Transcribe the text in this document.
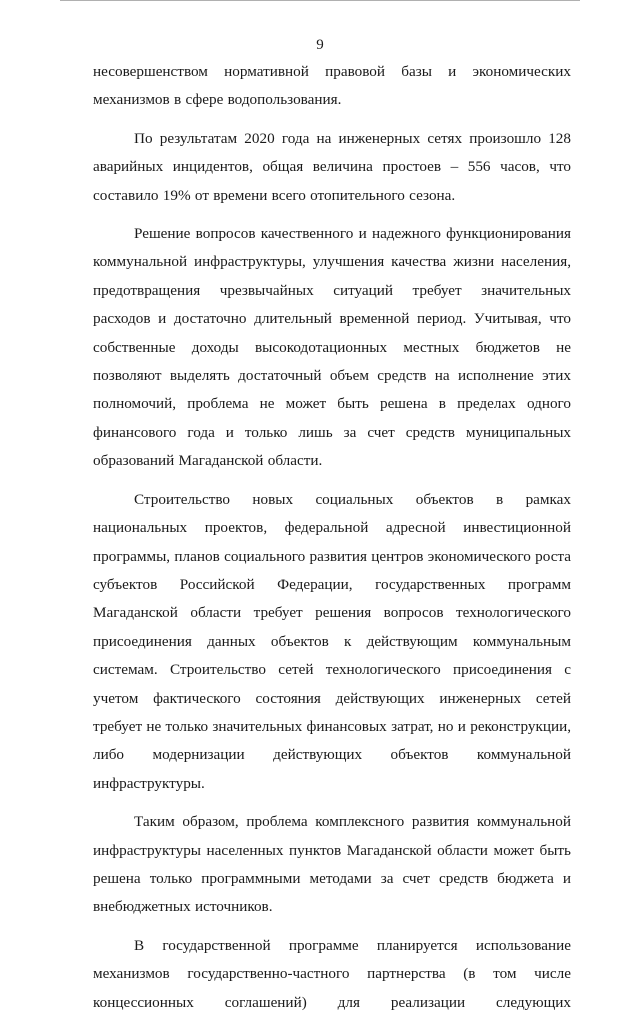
9

несовершенством нормативной правовой базы и экономических механизмов в сфере водопользования.

По результатам 2020 года на инженерных сетях произошло 128 аварийных инцидентов, общая величина простоев – 556 часов, что составило 19% от времени всего отопительного сезона.

Решение вопросов качественного и надежного функционирования коммунальной инфраструктуры, улучшения качества жизни населения, предотвращения чрезвычайных ситуаций требует значительных расходов и достаточно длительный временной период. Учитывая, что собственные доходы высокодотационных местных бюджетов не позволяют выделять достаточный объем средств на исполнение этих полномочий, проблема не может быть решена в пределах одного финансового года и только лишь за счет средств муниципальных образований Магаданской области.

Строительство новых социальных объектов в рамках национальных проектов, федеральной адресной инвестиционной программы, планов социального развития центров экономического роста субъектов Российской Федерации, государственных программ Магаданской области требует решения вопросов технологического присоединения данных объектов к действующим коммунальным системам. Строительство сетей технологического присоединения с учетом фактического состояния действующих инженерных сетей требует не только значительных финансовых затрат, но и реконструкции, либо модернизации действующих объектов коммунальной инфраструктуры.

Таким образом, проблема комплексного развития коммунальной инфраструктуры населенных пунктов Магаданской области может быть решена только программными методами за счет средств бюджета и внебюджетных источников.

В государственной программе планируется использование механизмов государственно-частного партнерства (в том числе концессионных соглашений) для реализации следующих
